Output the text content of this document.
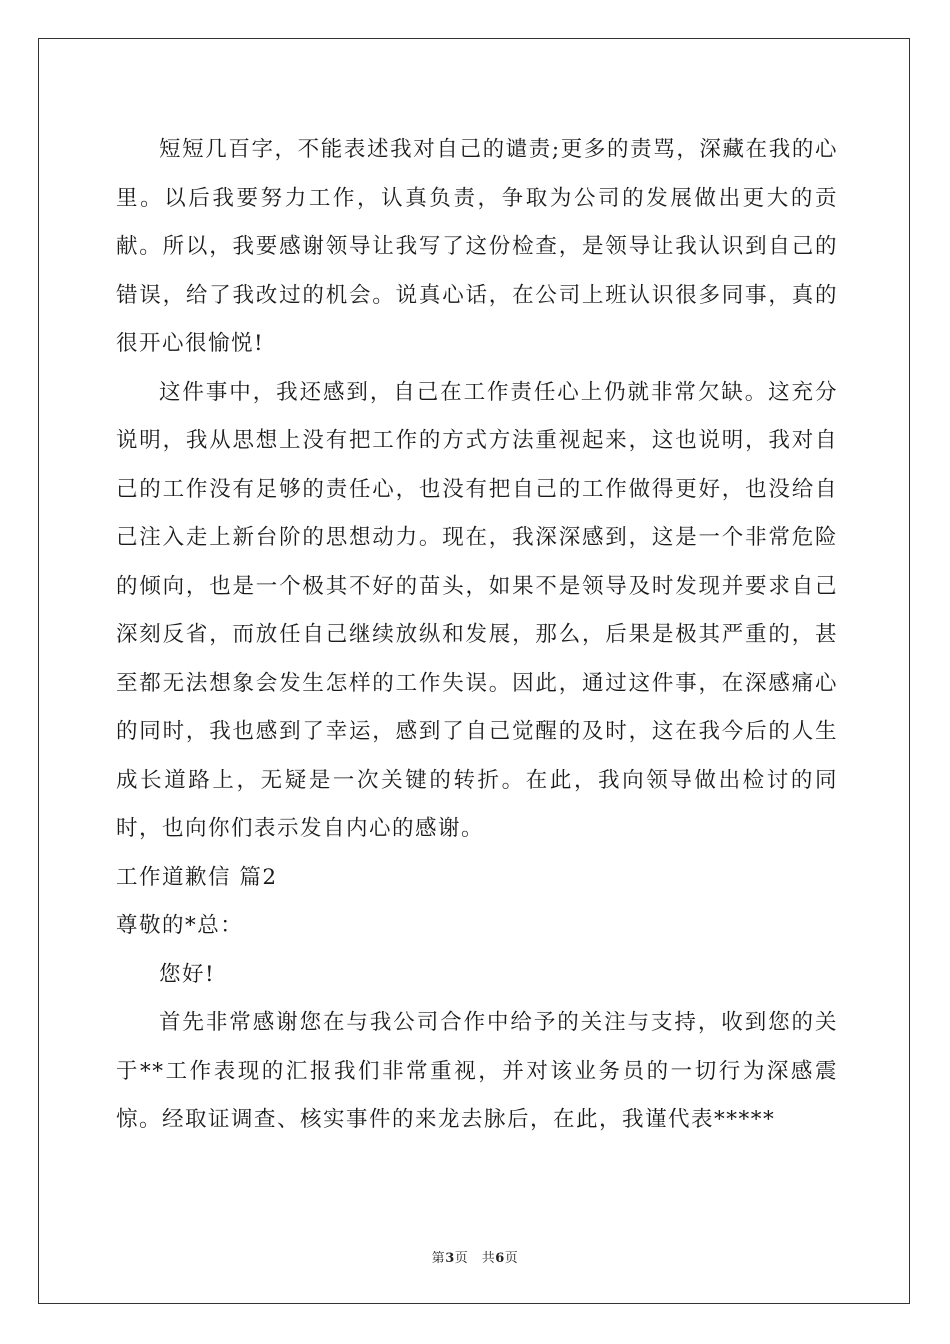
短短几百字，不能表述我对自己的谴责;更多的责骂，深藏在我的心里。以后我要努力工作，认真负责，争取为公司的发展做出更大的贡献。所以，我要感谢领导让我写了这份检查，是领导让我认识到自己的错误，给了我改过的机会。说真心话，在公司上班认识很多同事，真的很开心很愉悦!

这件事中，我还感到，自己在工作责任心上仍就非常欠缺。这充分说明，我从思想上没有把工作的方式方法重视起来，这也说明，我对自己的工作没有足够的责任心，也没有把自己的工作做得更好，也没给自己注入走上新台阶的思想动力。现在，我深深感到，这是一个非常危险的倾向，也是一个极其不好的苗头，如果不是领导及时发现并要求自己深刻反省，而放任自己继续放纵和发展，那么，后果是极其严重的，甚至都无法想象会发生怎样的工作失误。因此，通过这件事，在深感痛心的同时，我也感到了幸运，感到了自己觉醒的及时，这在我今后的人生成长道路上，无疑是一次关键的转折。在此，我向领导做出检讨的同时，也向你们表示发自内心的感谢。

工作道歉信 篇2

尊敬的*总：

您好!

首先非常感谢您在与我公司合作中给予的关注与支持，收到您的关于**工作表现的汇报我们非常重视，并对该业务员的一切行为深感震惊。经取证调查、核实事件的来龙去脉后，在此，我谨代表*****

第3页　共6页
